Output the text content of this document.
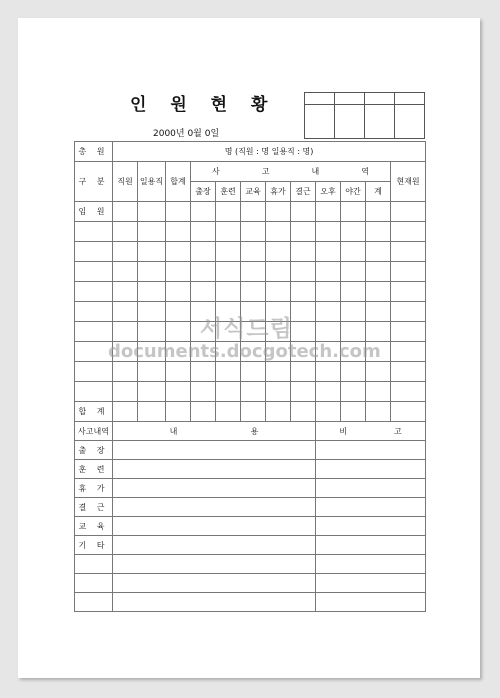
인 원 현 황
2000년 0월 0일

총 원	명 (직원 : 명 일용직 : 명)											
구 분	직원	일용직	합계	사 고 내 역								현재원
				출장	훈련	교육	휴가	결근	오후	야간	계	
임 원												

합 계												
사고내역	내 용								비 고			

출 장												
훈 련												
휴 가												
결 근												
교 육												
기 타												

서식드림
documents.docgotech.com
